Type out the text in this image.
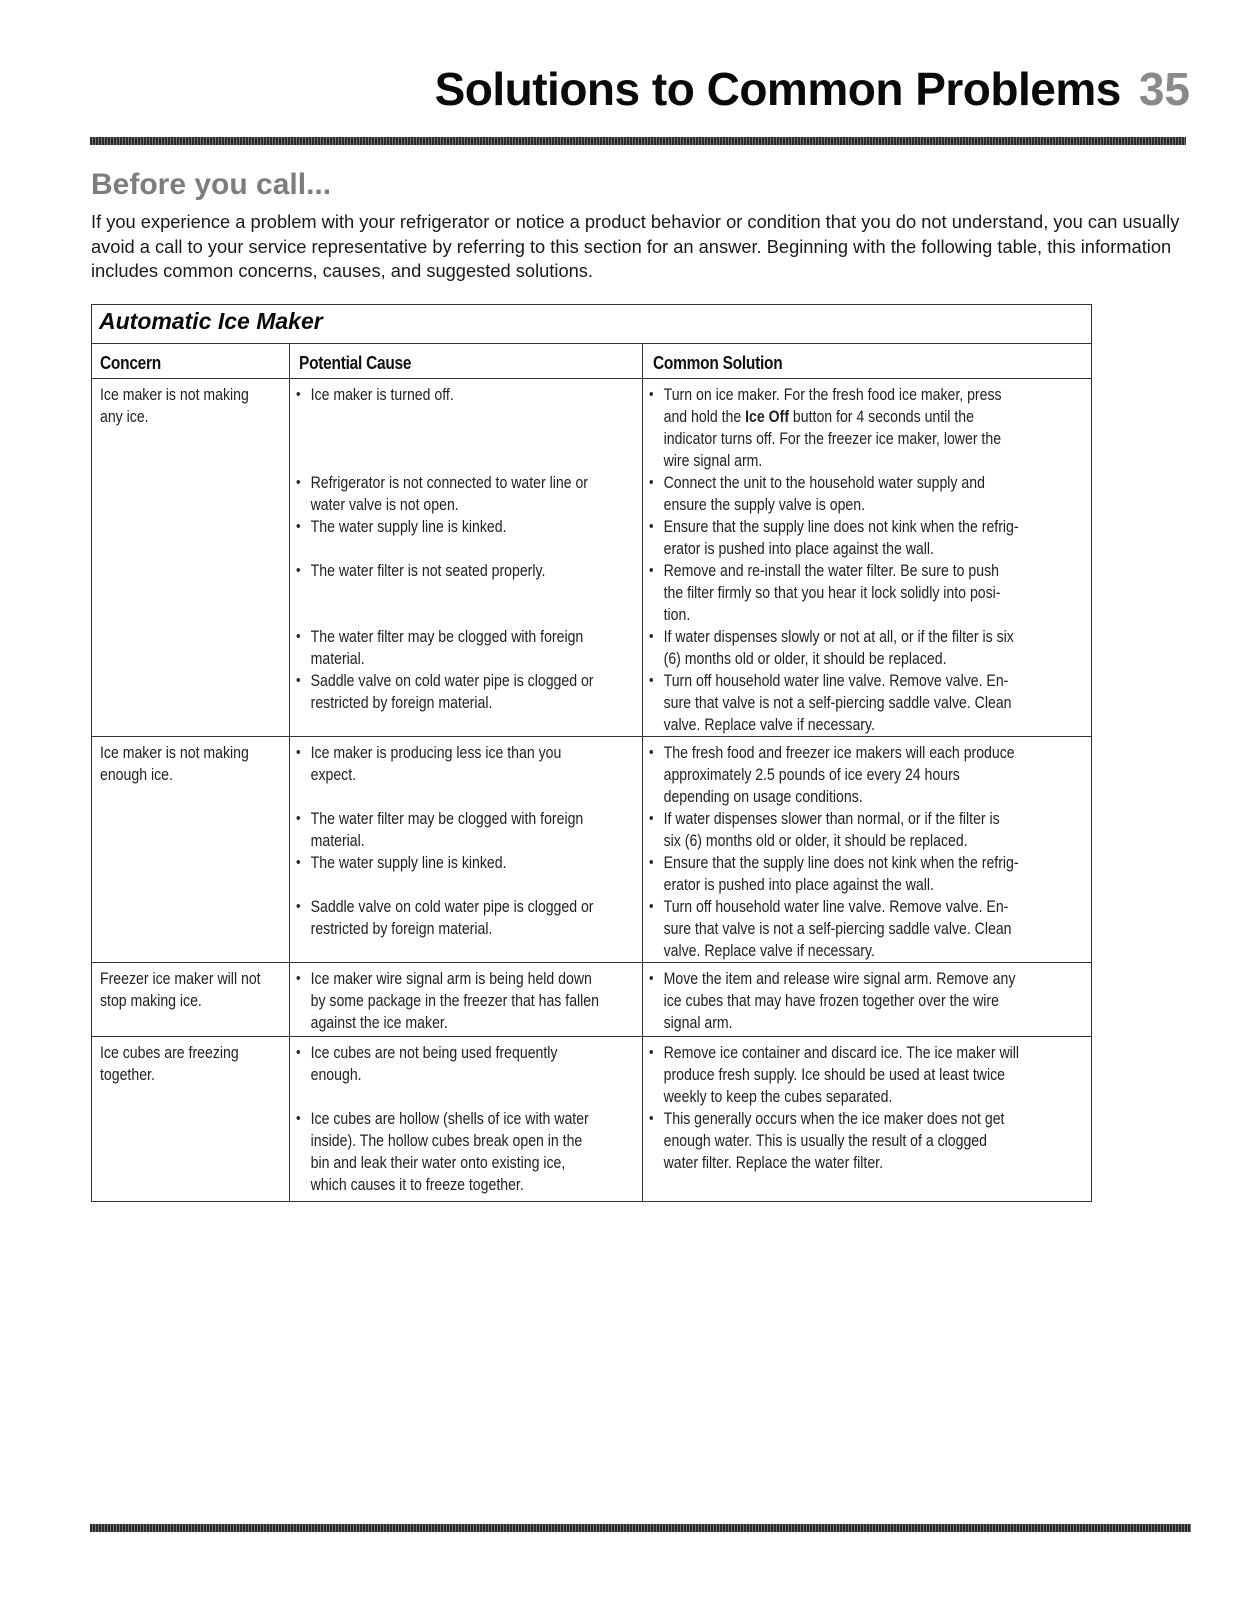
Solutions to Common Problems 35
Before you call...
If you experience a problem with your refrigerator or notice a product behavior or condition that you do not understand, you can usually avoid a call to your service representative by referring to this section for an answer. Beginning with the following table, this information includes common concerns, causes, and suggested solutions.
Automatic Ice Maker
Concern	Potential Cause	Common Solution
Ice maker is not making
any ice.
• Ice maker is turned off.
• Refrigerator is not connected to water line or
water valve is not open.
• The water supply line is kinked.
• The water filter is not seated properly.
• The water filter may be clogged with foreign
material.
• Saddle valve on cold water pipe is clogged or
restricted by foreign material.
• Turn on ice maker. For the fresh food ice maker, press
and hold the Ice Off button for 4 seconds until the
indicator turns off. For the freezer ice maker, lower the
wire signal arm.
• Connect the unit to the household water supply and
ensure the supply valve is open.
• Ensure that the supply line does not kink when the refrig-
erator is pushed into place against the wall.
• Remove and re-install the water filter. Be sure to push
the filter firmly so that you hear it lock solidly into posi-
tion.
• If water dispenses slowly or not at all, or if the filter is six
(6) months old or older, it should be replaced.
• Turn off household water line valve. Remove valve. En-
sure that valve is not a self-piercing saddle valve. Clean
valve. Replace valve if necessary.
Ice maker is not making
enough ice.
• Ice maker is producing less ice than you
expect.
• The water filter may be clogged with foreign
material.
• The water supply line is kinked.
• Saddle valve on cold water pipe is clogged or
restricted by foreign material.
• The fresh food and freezer ice makers will each produce
approximately 2.5 pounds of ice every 24 hours
depending on usage conditions.
• If water dispenses slower than normal, or if the filter is
six (6) months old or older, it should be replaced.
• Ensure that the supply line does not kink when the refrig-
erator is pushed into place against the wall.
• Turn off household water line valve. Remove valve. En-
sure that valve is not a self-piercing saddle valve. Clean
valve. Replace valve if necessary.
Freezer ice maker will not
stop making ice.
• Ice maker wire signal arm is being held down
by some package in the freezer that has fallen
against the ice maker.
• Move the item and release wire signal arm. Remove any
ice cubes that may have frozen together over the wire
signal arm.
Ice cubes are freezing
together.
• Ice cubes are not being used frequently
enough.
• Ice cubes are hollow (shells of ice with water
inside). The hollow cubes break open in the
bin and leak their water onto existing ice,
which causes it to freeze together.
• Remove ice container and discard ice. The ice maker will
produce fresh supply. Ice should be used at least twice
weekly to keep the cubes separated.
• This generally occurs when the ice maker does not get
enough water. This is usually the result of a clogged
water filter. Replace the water filter.
